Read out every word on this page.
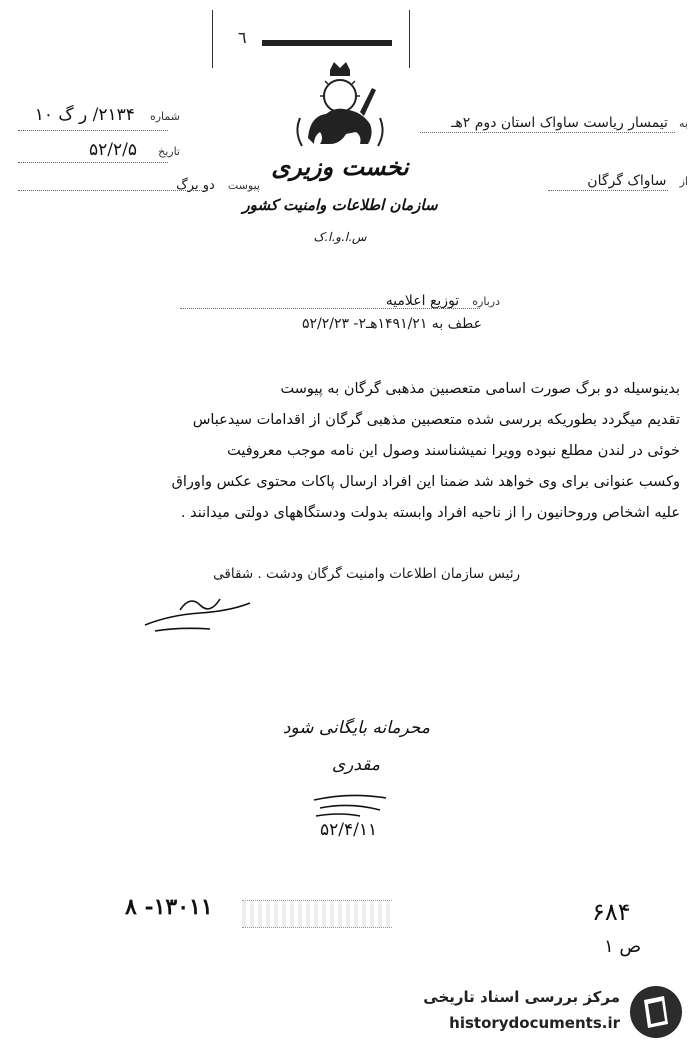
٦
شماره ۲۱۳۴/ ر گ ۱۰
تاریخ ۵۲/۲/۵
پیوست دو برگ
نخست وزیری
سازمان اطلاعات وامنیت کشور
س.ا.و.ا.ک
به تیمسار ریاست ساواک استان دوم ۲هـ
از ساواک گرگان
درباره توزیع اعلامیه
عطف به ۱۴۹۱/۲۱هـ۲- ۵۲/۲/۲۳
بدینوسیله دو برگ صورت اسامی متعصبین مذهبی گرگان به پیوست
تقدیم میگردد بطوریکه بررسی شده متعصبین مذهبی گرگان از اقدامات سیدعباس
خوئی در لندن مطلع نبوده وویرا نمیشناسند وصول این نامه موجب معروفیت
وکسب عنوانی برای وی خواهد شد ضمنا این افراد ارسال پاکات محتوی عکس واوراق
علیه اشخاص وروحانیون را از ناحیه افراد وابسته بدولت ودستگاههای دولتی میدانند .
رئیس سازمان اطلاعات وامنیت گرگان ودشت . شقاقی
محرمانه بایگانی شود
مقدری
۵۲/۴/۱۱
۸ -۱۳۰۱۱	۶۸۴
ص ۱
مرکز بررسی اسناد تاریخی
historydocuments.ir
